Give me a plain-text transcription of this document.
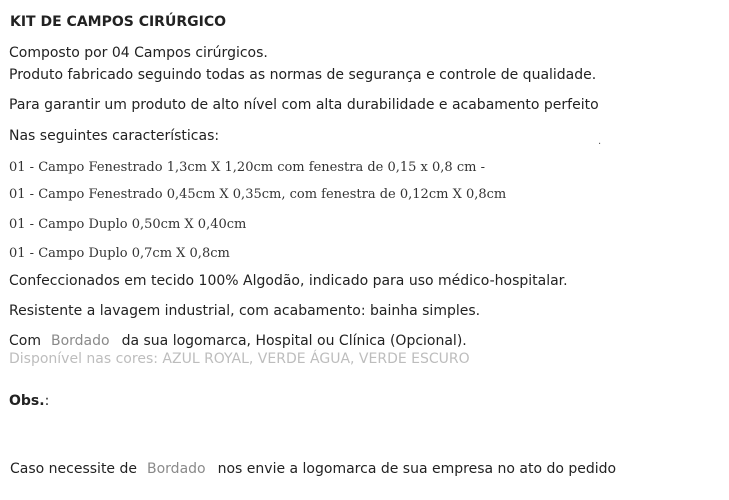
KIT DE CAMPOS CIRÚRGICO
Composto por 04 Campos cirúrgicos.
Produto fabricado seguindo todas as normas de segurança e controle de qualidade.
Para garantir um produto de alto nível com alta durabilidade e acabamento perfeito
Nas seguintes características:	.
01 - Campo Fenestrado 1,3cm X 1,20cm com fenestra de 0,15 x 0,8 cm -
01 - Campo Fenestrado 0,45cm X 0,35cm, com fenestra de 0,12cm X 0,8cm
01 - Campo Duplo 0,50cm X 0,40cm
01 - Campo Duplo 0,7cm X 0,8cm
Confeccionados em tecido 100% Algodão, indicado para uso médico-hospitalar.
Resistente a lavagem industrial, com acabamento: bainha simples.
Com Bordado da sua logomarca, Hospital ou Clínica (Opcional).
Disponível nas cores: AZUL ROYAL, VERDE ÁGUA, VERDE ESCURO
Obs.:
Caso necessite de Bordado nos envie a logomarca de sua empresa no ato do pedido
